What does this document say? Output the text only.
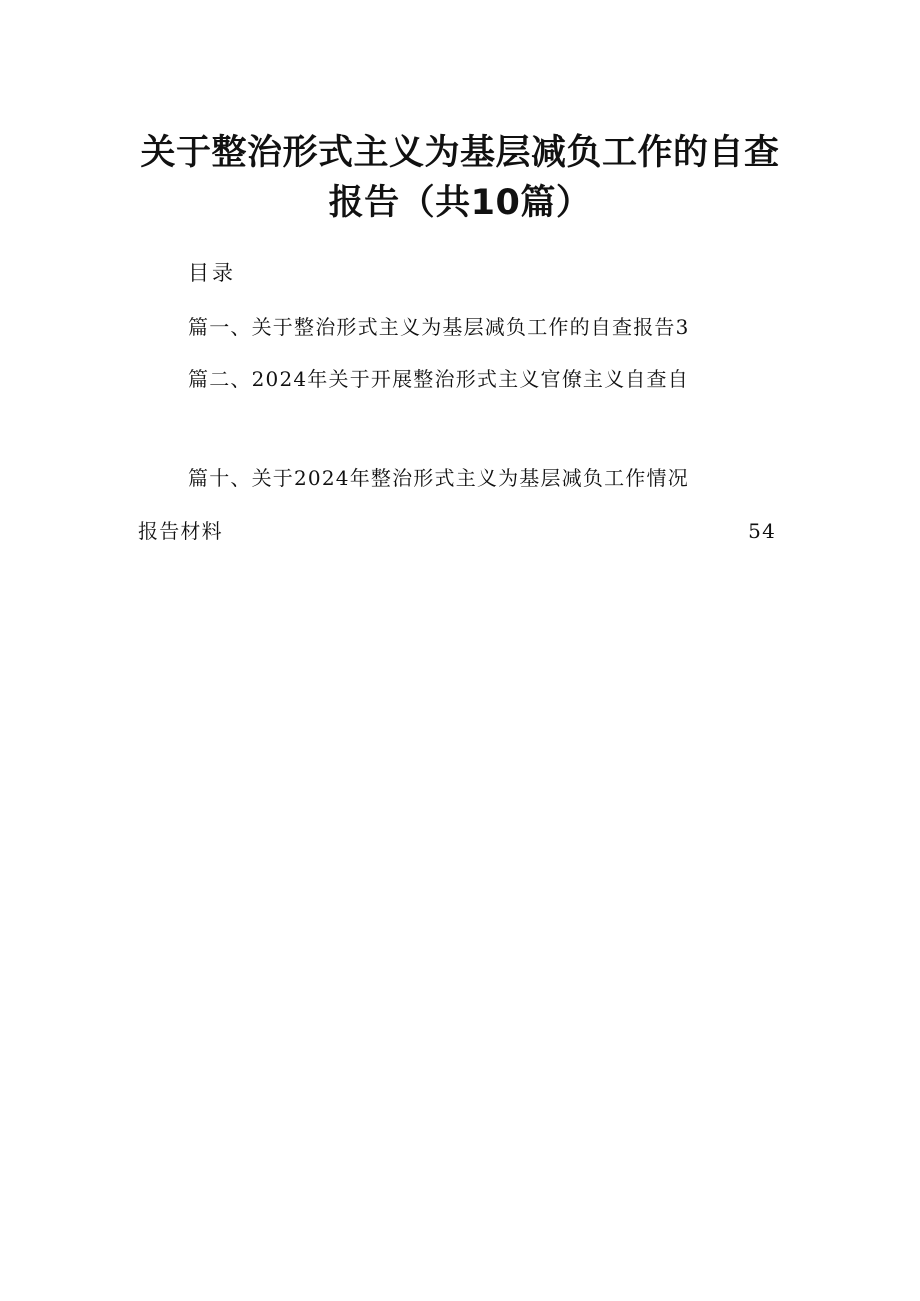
关于整治形式主义为基层减负工作的自查
报告（共10篇）
目录
篇一、关于整治形式主义为基层减负工作的自查报告3
篇二、2024年关于开展整治形式主义官僚主义自查自
篇十、关于2024年整治形式主义为基层减负工作情况
报告材料	54
